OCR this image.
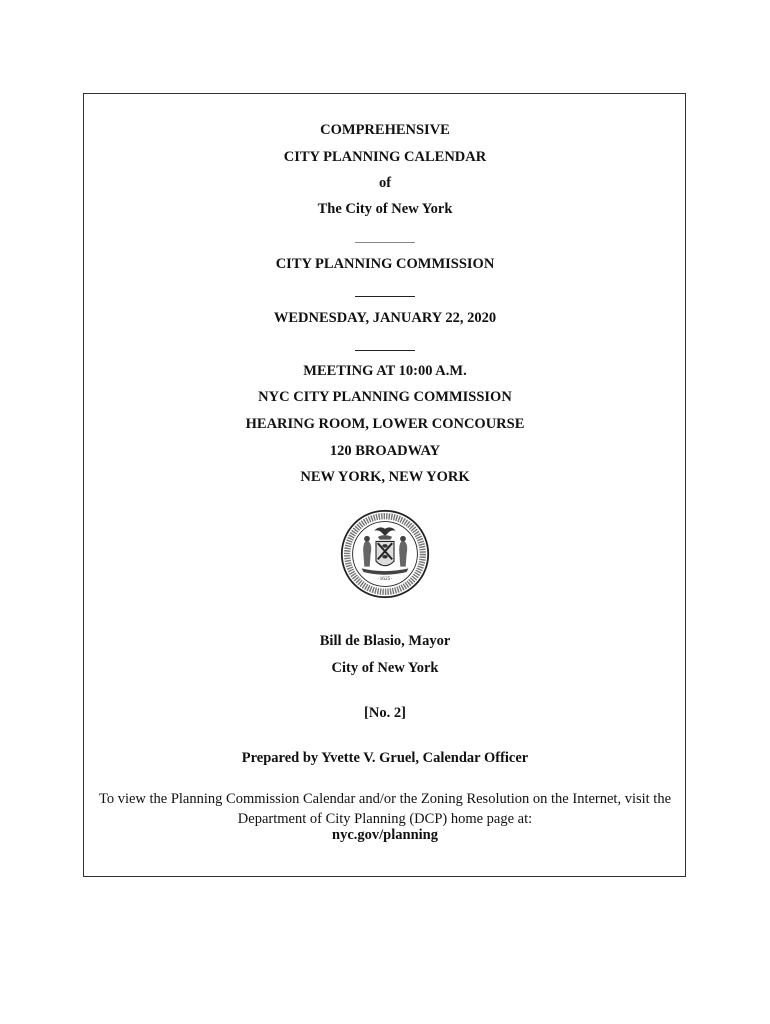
COMPREHENSIVE
CITY PLANNING CALENDAR
of
The City of New York
CITY PLANNING COMMISSION
WEDNESDAY, JANUARY 22, 2020
MEETING AT 10:00 A.M.
NYC CITY PLANNING COMMISSION
HEARING ROOM, LOWER CONCOURSE
120 BROADWAY
NEW YORK, NEW YORK
·1625·
Bill de Blasio, Mayor
City of New York
[No. 2]
Prepared by Yvette V. Gruel, Calendar Officer
To view the Planning Commission Calendar and/or the Zoning Resolution on the Internet, visit the Department of City Planning (DCP) home page at:
nyc.gov/planning
